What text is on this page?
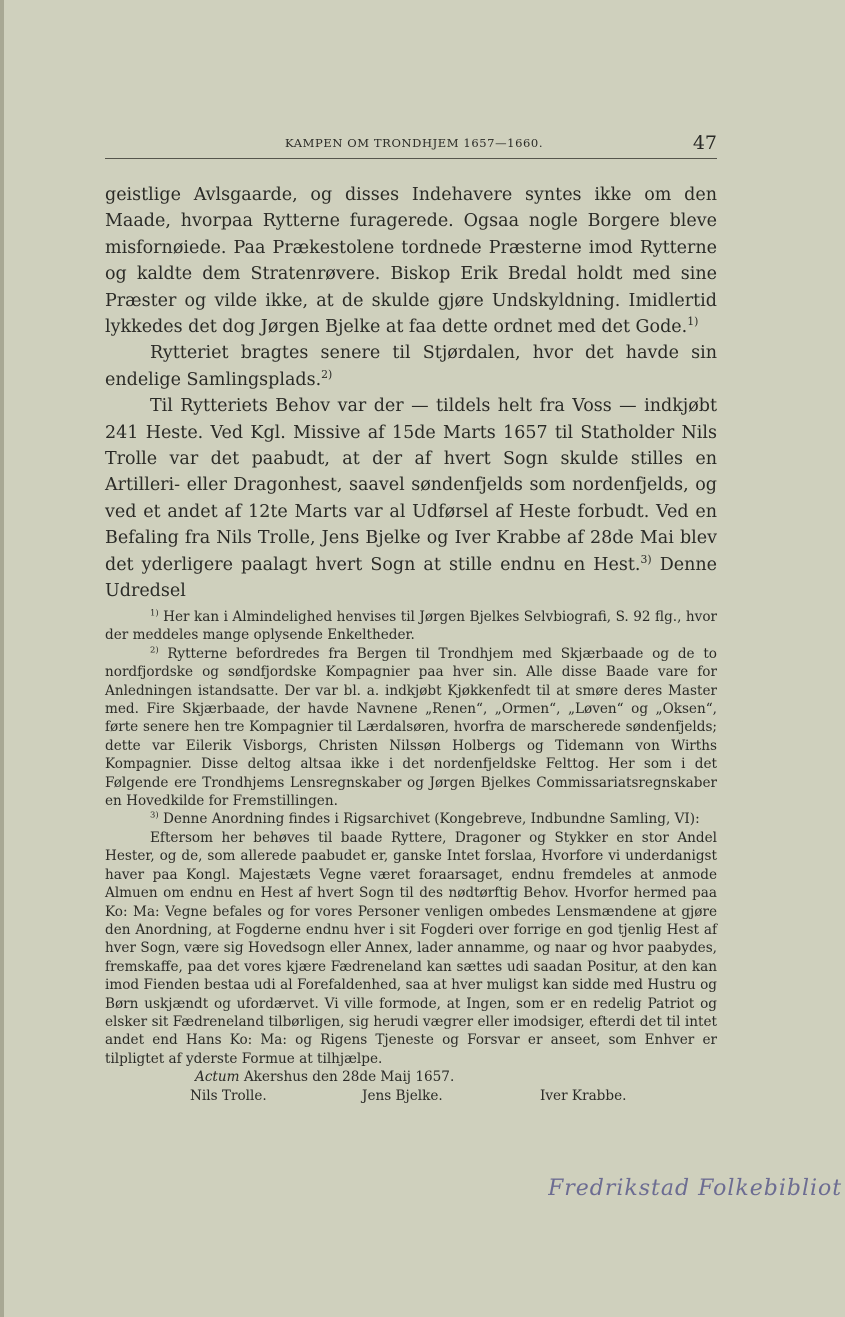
KAMPEN OM TRONDHJEM 1657—1660.	47

geistlige Avlsgaarde, og disses Indehavere syntes ikke om den Maade, hvorpaa Rytterne furagerede. Ogsaa nogle Borgere bleve misfornøiede. Paa Prækestolene tordnede Præsterne imod Rytterne og kaldte dem Stratenrøvere. Biskop Erik Bredal holdt med sine Præster og vilde ikke, at de skulde gjøre Undskyldning. Imidlertid lykkedes det dog Jørgen Bjelke at faa dette ordnet med det Gode.$^{1)}$

Rytteriet bragtes senere til Stjørdalen, hvor det havde sin endelige Samlingsplads.$^{2)}$

Til Rytteriets Behov var der — tildels helt fra Voss — indkjøbt 241 Heste. Ved Kgl. Missive af 15de Marts 1657 til Statholder Nils Trolle var det paabudt, at der af hvert Sogn skulde stilles en Artilleri- eller Dragonhest, saavel søndenfjelds som nordenfjelds, og ved et andet af 12te Marts var al Udførsel af Heste forbudt. Ved en Befaling fra Nils Trolle, Jens Bjelke og Iver Krabbe af 28de Mai blev det yderligere paalagt hvert Sogn at stille endnu en Hest.$^{3)}$ Denne Udredsel

$^{1)}$ Her kan i Almindelighed henvises til Jørgen Bjelkes Selvbiografi, S. 92 flg., hvor der meddeles mange oplysende Enkeltheder.

$^{2)}$ Rytterne befordredes fra Bergen til Trondhjem med Skjærbaade og de to nordfjordske og søndfjordske Kompagnier paa hver sin. Alle disse Baade vare for Anledningen istandsatte. Der var bl. a. indkjøbt Kjøkkenfedt til at smøre deres Master med. Fire Skjærbaade, der havde Navnene „Renen“, „Ormen“, „Løven“ og „Oksen“, førte senere hen tre Kompagnier til Lærdalsøren, hvorfra de marscherede søndenfjelds; dette var Eilerik Visborgs, Christen Nilssøn Holbergs og Tidemann von Wirths Kompagnier. Disse deltog altsaa ikke i det nordenfjeldske Felttog. Her som i det Følgende ere Trondhjems Lensregnskaber og Jørgen Bjelkes Commissariatsregnskaber en Hovedkilde for Fremstillingen.

$^{3)}$ Denne Anordning findes i Rigsarchivet (Kongebreve, Indbundne Samling, VI):

Eftersom her behøves til baade Ryttere, Dragoner og Stykker en stor Andel Hester, og de, som allerede paabudet er, ganske Intet forslaa, Hvorfore vi underdanigst haver paa Kongl. Majestæts Vegne været foraarsaget, endnu fremdeles at anmode Almuen om endnu en Hest af hvert Sogn til des nødtørftig Behov. Hvorfor hermed paa Ko: Ma: Vegne befales og for vores Personer venligen ombedes Lensmændene at gjøre den Anordning, at Fogderne endnu hver i sit Fogderi over forrige en god tjenlig Hest af hver Sogn, være sig Hovedsogn eller Annex, lader annamme, og naar og hvor paabydes, fremskaffe, paa det vores kjære Fædreneland kan sættes udi saadan Positur, at den kan imod Fienden bestaa udi al Forefaldenhed, saa at hver muligst kan sidde med Hustru og Børn uskjændt og ufordærvet. Vi ville formode, at Ingen, som er en redelig Patriot og elsker sit Fædreneland tilbørligen, sig herudi vægrer eller imodsiger, efterdi det til intet andet end Hans Ko: Ma: og Rigens Tjeneste og Forsvar er anseet, som Enhver er tilpligtet af yderste Formue at tilhjælpe.

Actum Akershus den 28de Maij 1657.

Nils Trolle.	Jens Bjelke.	Iver Krabbe.
Fredrikstad Folkebibliot
